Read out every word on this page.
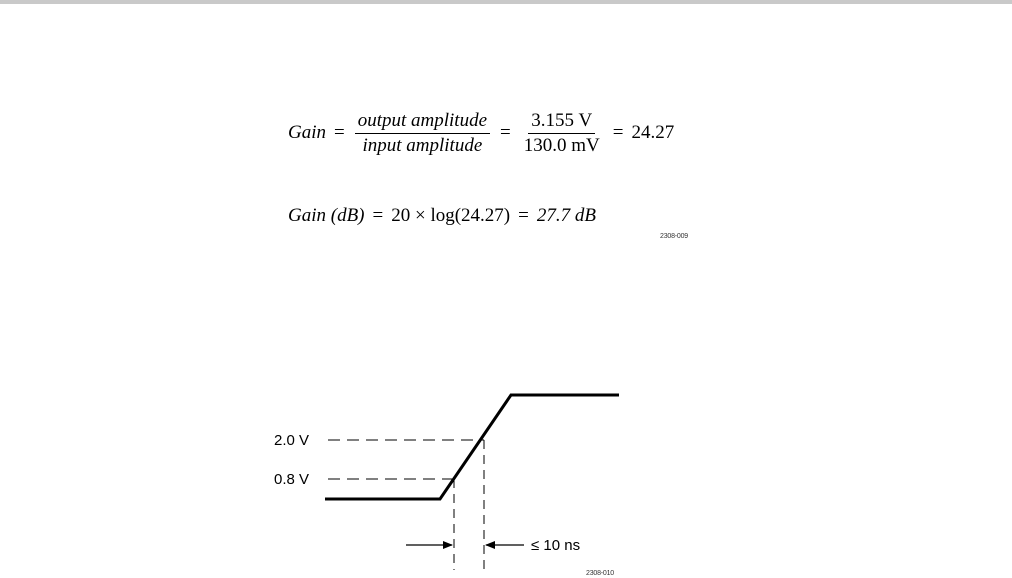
Gain = $\frac{\text{output amplitude}}{\text{input amplitude}} = \frac{3.155 V}{130.0 mV} = 24.27$
Gain (dB) = 20 × log(24.27) = 27.7 dB
2308-009
2.0 V
0.8 V
≤ 10 ns
2308-010
